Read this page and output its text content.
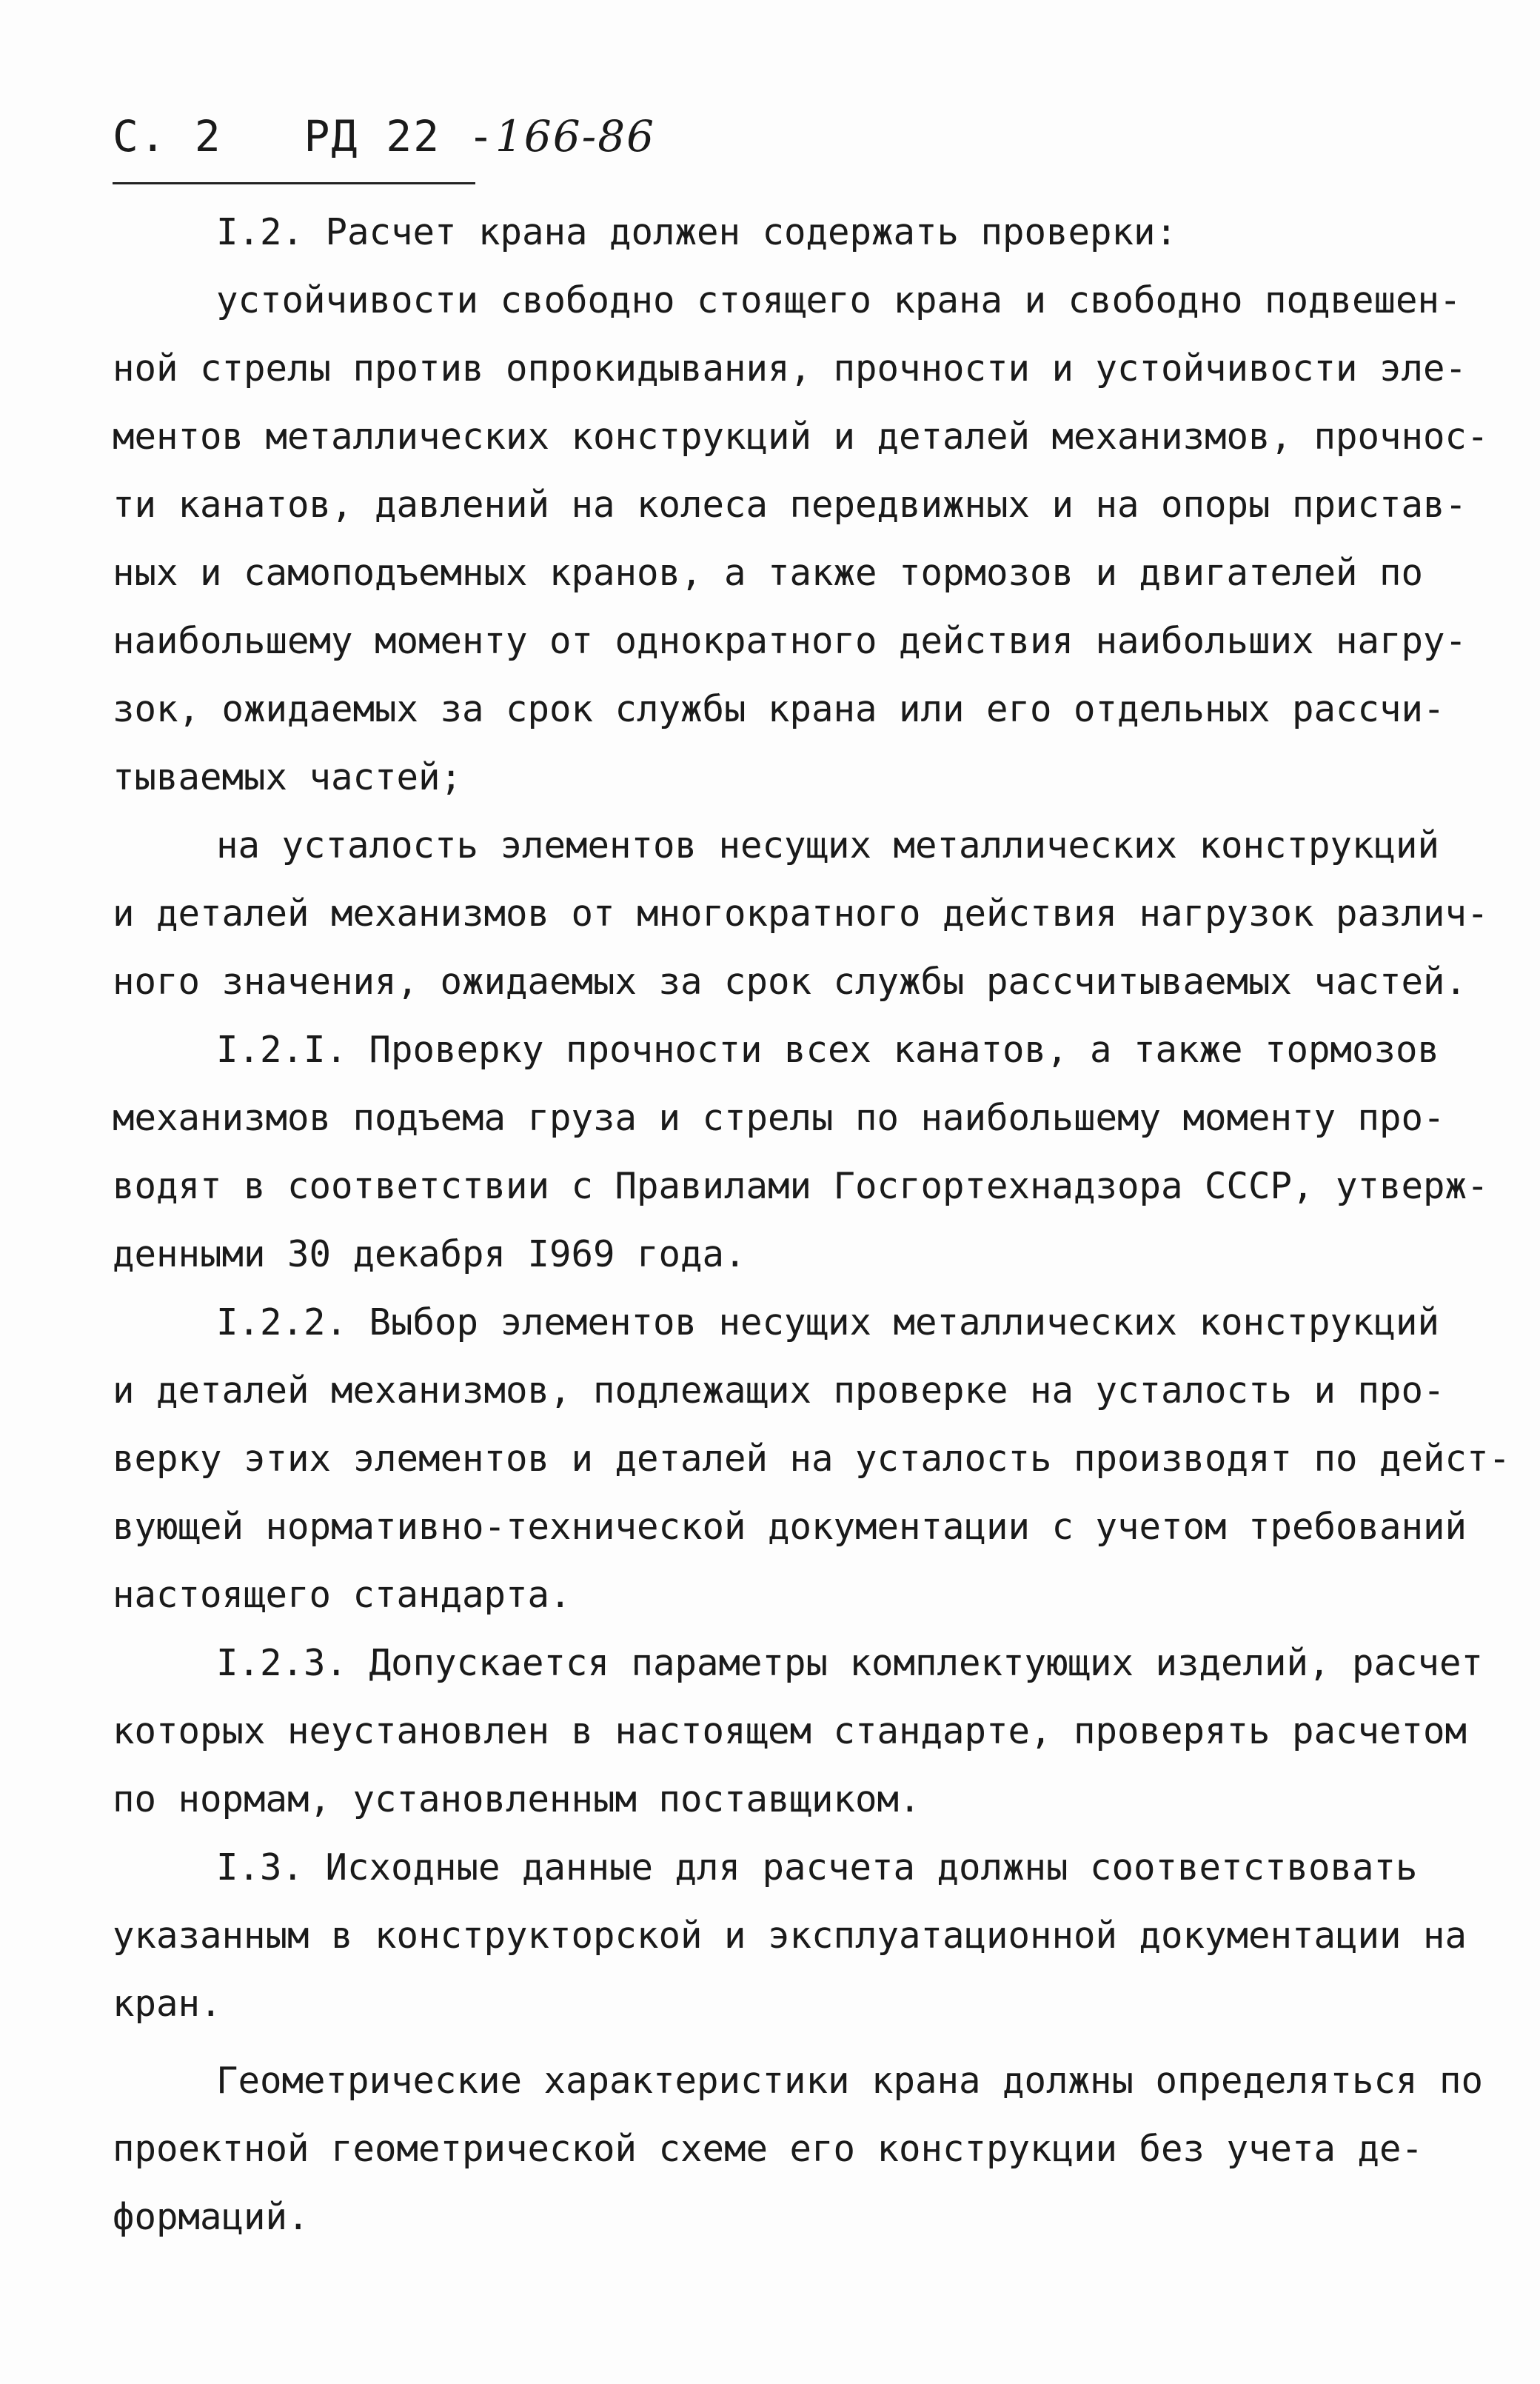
С. 2 РД 22 -166-86
І.2. Расчет крана должен содержать проверки:
устойчивости свободно стоящего крана и свободно подвешен-
ной стрелы против опрокидывания, прочности и устойчивости эле-
ментов металлических конструкций и деталей механизмов, прочнос-
ти канатов, давлений на колеса передвижных и на опоры пристав-
ных и самоподъемных кранов, а также тормозов и двигателей по
наибольшему моменту от однократного действия наибольших нагру-
зок, ожидаемых за срок службы крана или его отдельных рассчи-
тываемых частей;
на усталость элементов несущих металлических конструкций
и деталей механизмов от многократного действия нагрузок различ-
ного значения, ожидаемых за срок службы рассчитываемых частей.
І.2.І. Проверку прочности всех канатов, а также тормозов
механизмов подъема груза и стрелы по наибольшему моменту про-
водят в соответствии с Правилами Госгортехнадзора СССР, утверж-
денными 30 декабря І969 года.
І.2.2. Выбор элементов несущих металлических конструкций
и деталей механизмов, подлежащих проверке на усталость и про-
верку этих элементов и деталей на усталость производят по дейст-
вующей нормативно-технической документации с учетом требований
настоящего стандарта.
І.2.3. Допускается параметры комплектующих изделий, расчет
которых неустановлен в настоящем стандарте, проверять расчетом
по нормам, установленным поставщиком.
І.3. Исходные данные для расчета должны соответствовать
указанным в конструкторской и эксплуатационной документации на
кран.
Геометрические характеристики крана должны определяться по
проектной геометрической схеме его конструкции без учета де-
формаций.
